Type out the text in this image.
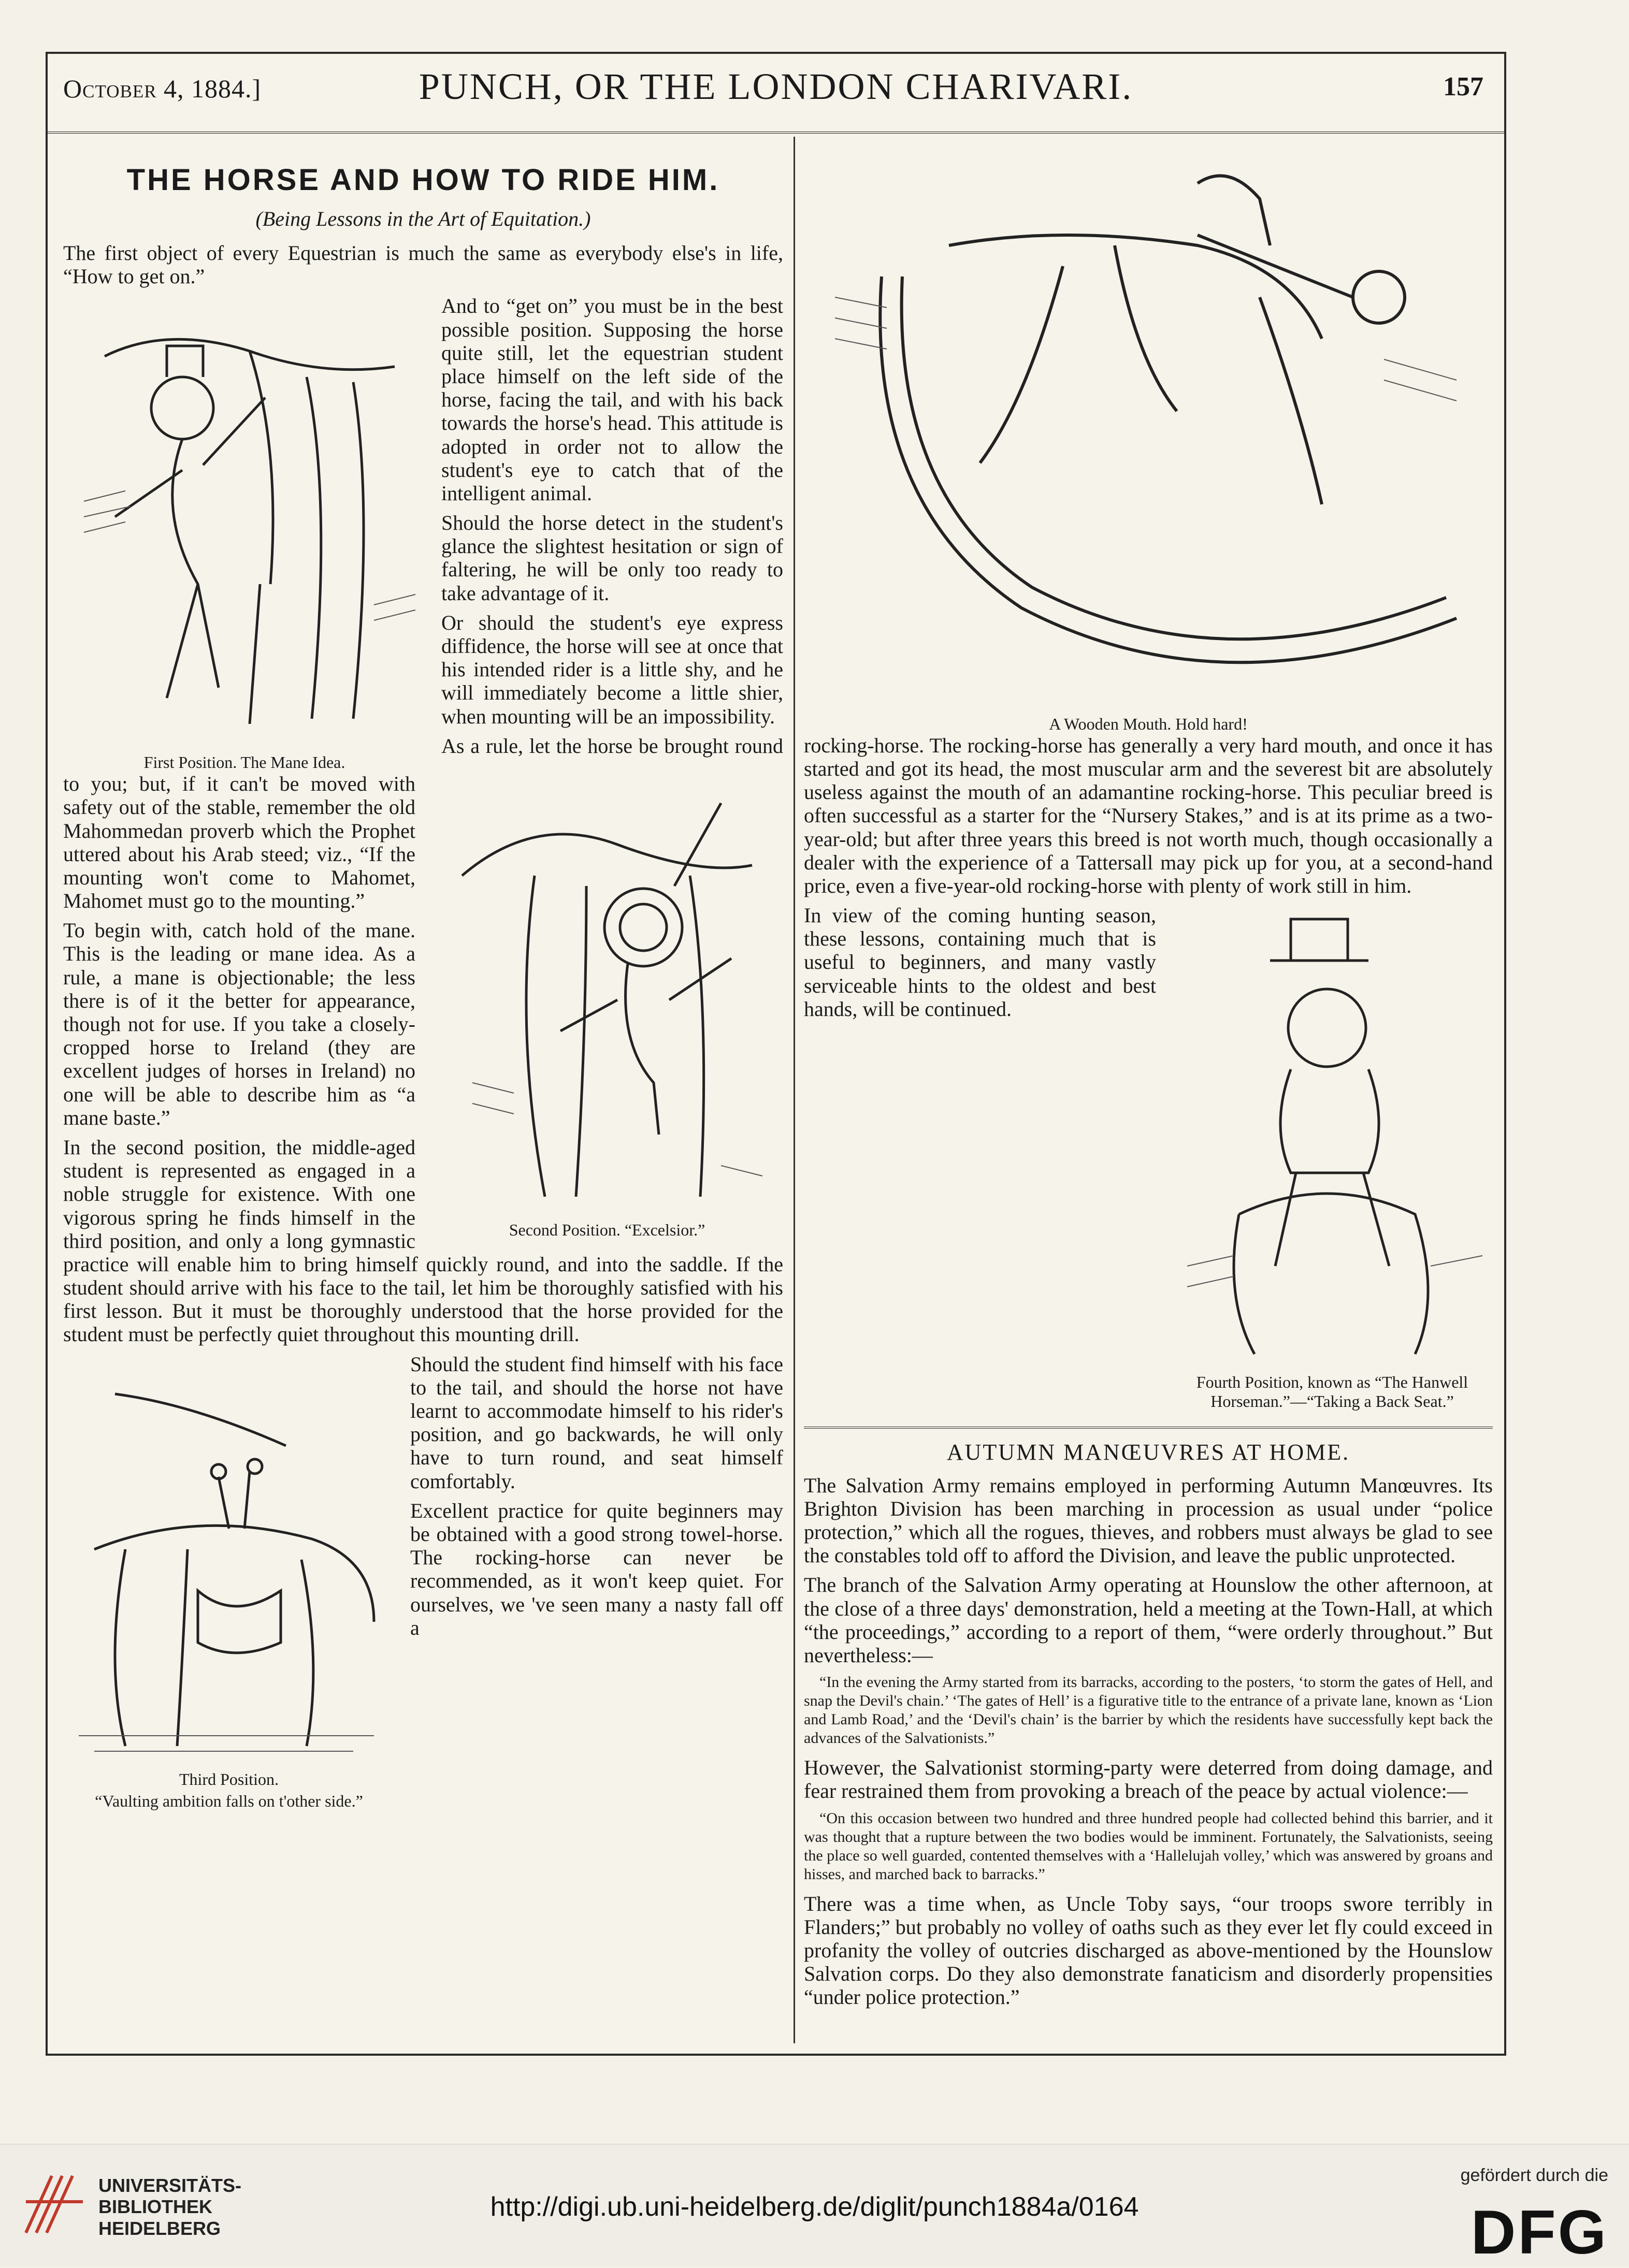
October 4, 1884.]	PUNCH, OR THE LONDON CHARIVARI.	157
THE HORSE AND HOW TO RIDE HIM.
(Being Lessons in the Art of Equitation.)

The first object of every Equestrian is much the same as everybody else's in life, “How to get on.”

First Position. The Mane Idea.

And to “get on” you must be in the best possible position. Supposing the horse quite still, let the equestrian student place himself on the left side of the horse, facing the tail, and with his back towards the horse's head. This attitude is adopted in order not to allow the student's eye to catch that of the intelligent animal.

Should the horse detect in the student's glance the slightest hesitation or sign of faltering, he will be only too ready to take advantage of it.

Or should the student's eye express diffidence, the horse will see at once that his intended rider is a little shy, and he will immediately become a little shier, when mounting will be an impossibility.

Second Position. “Excelsior.”

As a rule, let the horse be brought round to you; but, if it can't be moved with safety out of the stable, remember the old Mahommedan proverb which the Prophet uttered about his Arab steed; viz., “If the mounting won't come to Mahomet, Mahomet must go to the mounting.”

To begin with, catch hold of the mane. This is the leading or mane idea. As a rule, a mane is objectionable; the less there is of it the better for appearance, though not for use. If you take a closely-cropped horse to Ireland (they are excellent judges of horses in Ireland) no one will be able to describe him as “a mane baste.”

In the second position, the middle-aged student is represented as engaged in a noble struggle for existence. With one vigorous spring he finds himself in the third position, and only a long gymnastic practice will enable him to bring himself quickly round, and into the saddle. If the student should arrive with his face to the tail, let him be thoroughly satisfied with his first lesson. But it must be thoroughly understood that the horse provided for the student must be perfectly quiet throughout this mounting drill.

Third Position.
“Vaulting ambition falls on t'other side.”

Should the student find himself with his face to the tail, and should the horse not have learnt to accommodate himself to his rider's position, and go backwards, he will only have to turn round, and seat himself comfortably.

Excellent practice for quite beginners may be obtained with a good strong towel-horse. The rocking-horse can never be recommended, as it won't keep quiet. For ourselves, we 've seen many a nasty fall off a

A Wooden Mouth. Hold hard!

rocking-horse. The rocking-horse has generally a very hard mouth, and once it has started and got its head, the most muscular arm and the severest bit are absolutely useless against the mouth of an adamantine rocking-horse. This peculiar breed is often successful as a starter for the “Nursery Stakes,” and is at its prime as a two-year-old; but after three years this breed is not worth much, though occasionally a dealer with the experience of a Tattersall may pick up for you, at a second-hand price, even a five-year-old rocking-horse with plenty of work still in him.

Fourth Position, known as “The Hanwell Horseman.”—“Taking a Back Seat.”

In view of the coming hunting season, these lessons, containing much that is useful to beginners, and many vastly serviceable hints to the oldest and best hands, will be continued.

AUTUMN MANŒUVRES AT HOME.

The Salvation Army remains employed in performing Autumn Manœuvres. Its Brighton Division has been marching in procession as usual under “police protection,” which all the rogues, thieves, and robbers must always be glad to see the constables told off to afford the Division, and leave the public unprotected.

The branch of the Salvation Army operating at Hounslow the other afternoon, at the close of a three days' demonstration, held a meeting at the Town-Hall, at which “the proceedings,” according to a report of them, “were orderly throughout.” But nevertheless:—

“In the evening the Army started from its barracks, according to the posters, ‘to storm the gates of Hell, and snap the Devil's chain.’ ‘The gates of Hell’ is a figurative title to the entrance of a private lane, known as ‘Lion and Lamb Road,’ and the ‘Devil's chain’ is the barrier by which the residents have successfully kept back the advances of the Salvationists.”

However, the Salvationist storming-party were deterred from doing damage, and fear restrained them from provoking a breach of the peace by actual violence:—

“On this occasion between two hundred and three hundred people had collected behind this barrier, and it was thought that a rupture between the two bodies would be imminent. Fortunately, the Salvationists, seeing the place so well guarded, contented themselves with a ‘Hallelujah volley,’ which was answered by groans and hisses, and marched back to barracks.”

There was a time when, as Uncle Toby says, “our troops swore terribly in Flanders;” but probably no volley of oaths such as they ever let fly could exceed in profanity the volley of outcries discharged as above-mentioned by the Hounslow Salvation corps. Do they also demonstrate fanaticism and disorderly propensities “under police protection.”

UNIVERSITÄTS-
BIBLIOTHEK
HEIDELBERG
http://digi.ub.uni-heidelberg.de/diglit/punch1884a/0164
gefördert durch die
DFG
